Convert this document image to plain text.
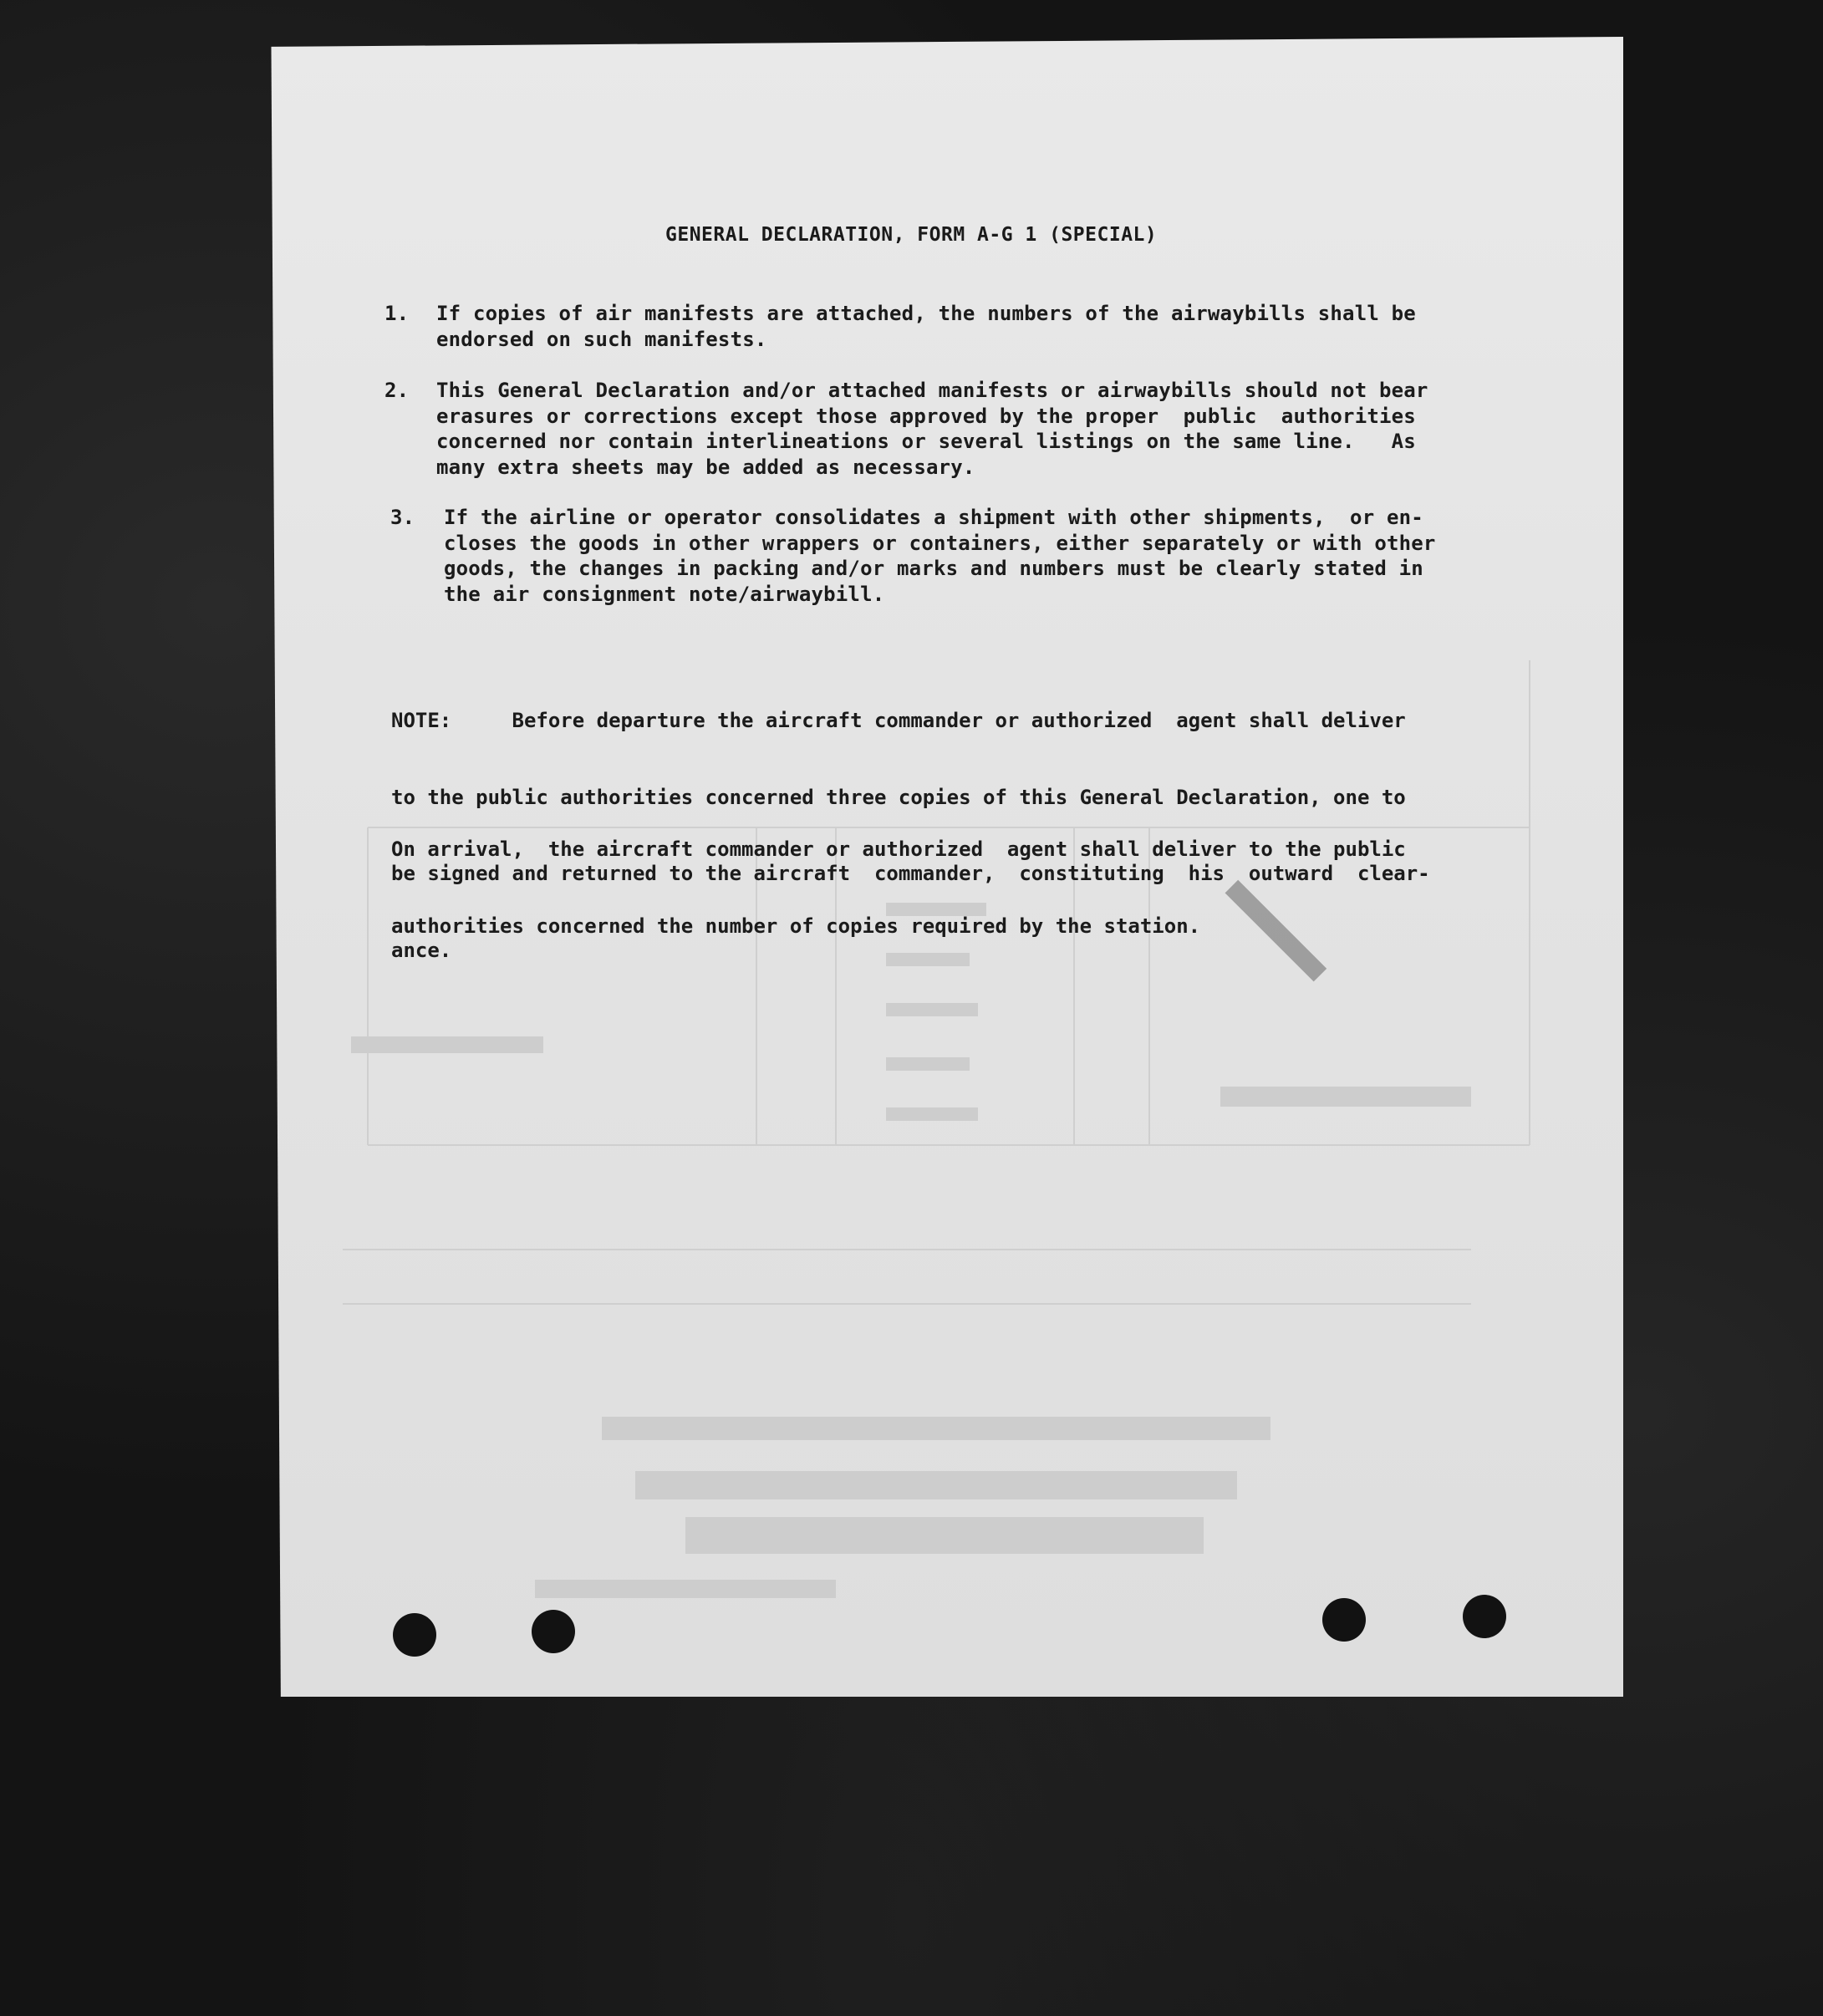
GENERAL DECLARATION, FORM A-G 1 (SPECIAL)
1. If copies of air manifests are attached, the numbers of the airwaybills shall be
endorsed on such manifests.
2. This General Declaration and/or attached manifests or airwaybills should not bear
erasures or corrections except those approved by the proper  public  authorities
concerned nor contain interlineations or several listings on the same line.   As
many extra sheets may be added as necessary.
3. If the airline or operator consolidates a shipment with other shipments,  or en-
closes the goods in other wrappers or containers, either separately or with other
goods, the changes in packing and/or marks and numbers must be clearly stated in
the air consignment note/airwaybill.

NOTE:     Before departure the aircraft commander or authorized  agent shall deliver

to the public authorities concerned three copies of this General Declaration, one to

be signed and returned to the aircraft  commander,  constituting  his  outward  clear-

ance.

On arrival,  the aircraft commander or authorized  agent shall deliver to the public

authorities concerned the number of copies required by the station.
